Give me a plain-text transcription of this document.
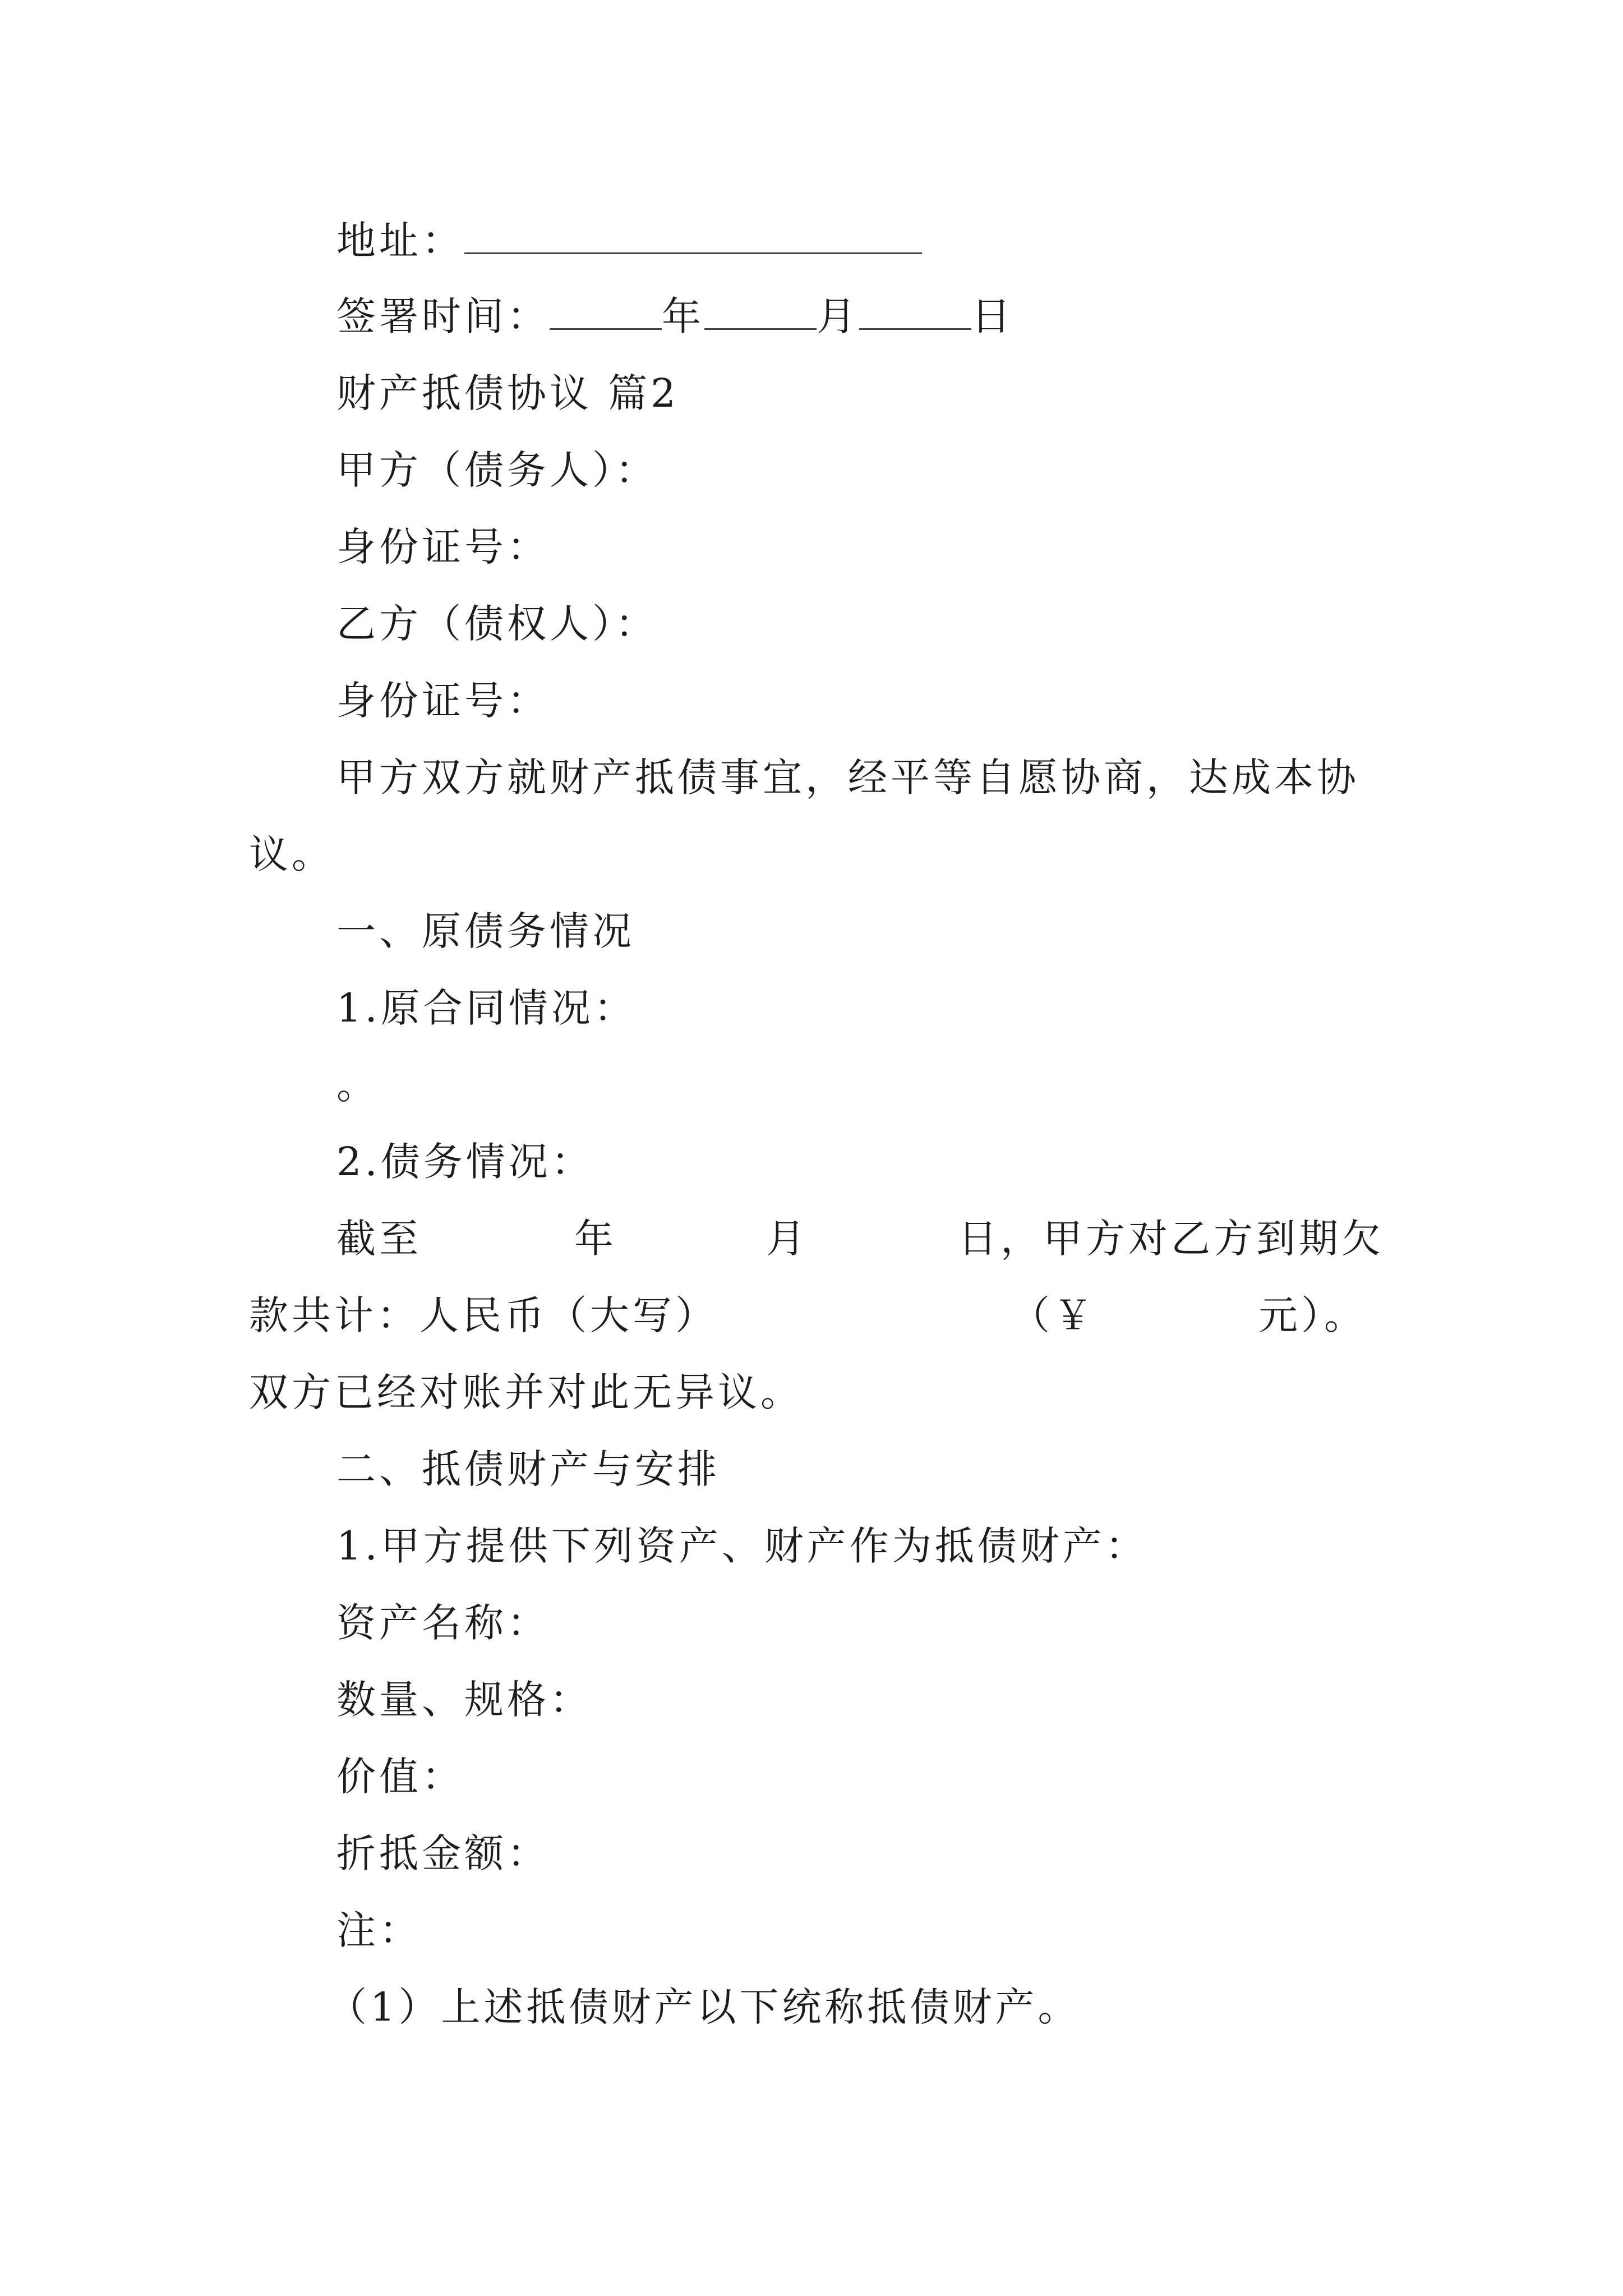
地址：
签署时间：	年	月	日
财产抵债协议 篇2
甲方（债务人）：
身份证号：
乙方（债权人）：
身份证号：
甲方双方就财产抵债事宜，经平等自愿协商，达成本协
议。
一、原债务情况
1.原合同情况：
。
2.债务情况：
截至	年	月	日，甲方对乙方到期欠
款共计：人民币（大写）	（￥	元）。
双方已经对账并对此无异议。
二、抵债财产与安排
1.甲方提供下列资产、财产作为抵债财产：
资产名称：
数量、规格：
价值：
折抵金额：
注：
（1）上述抵债财产以下统称抵债财产。
